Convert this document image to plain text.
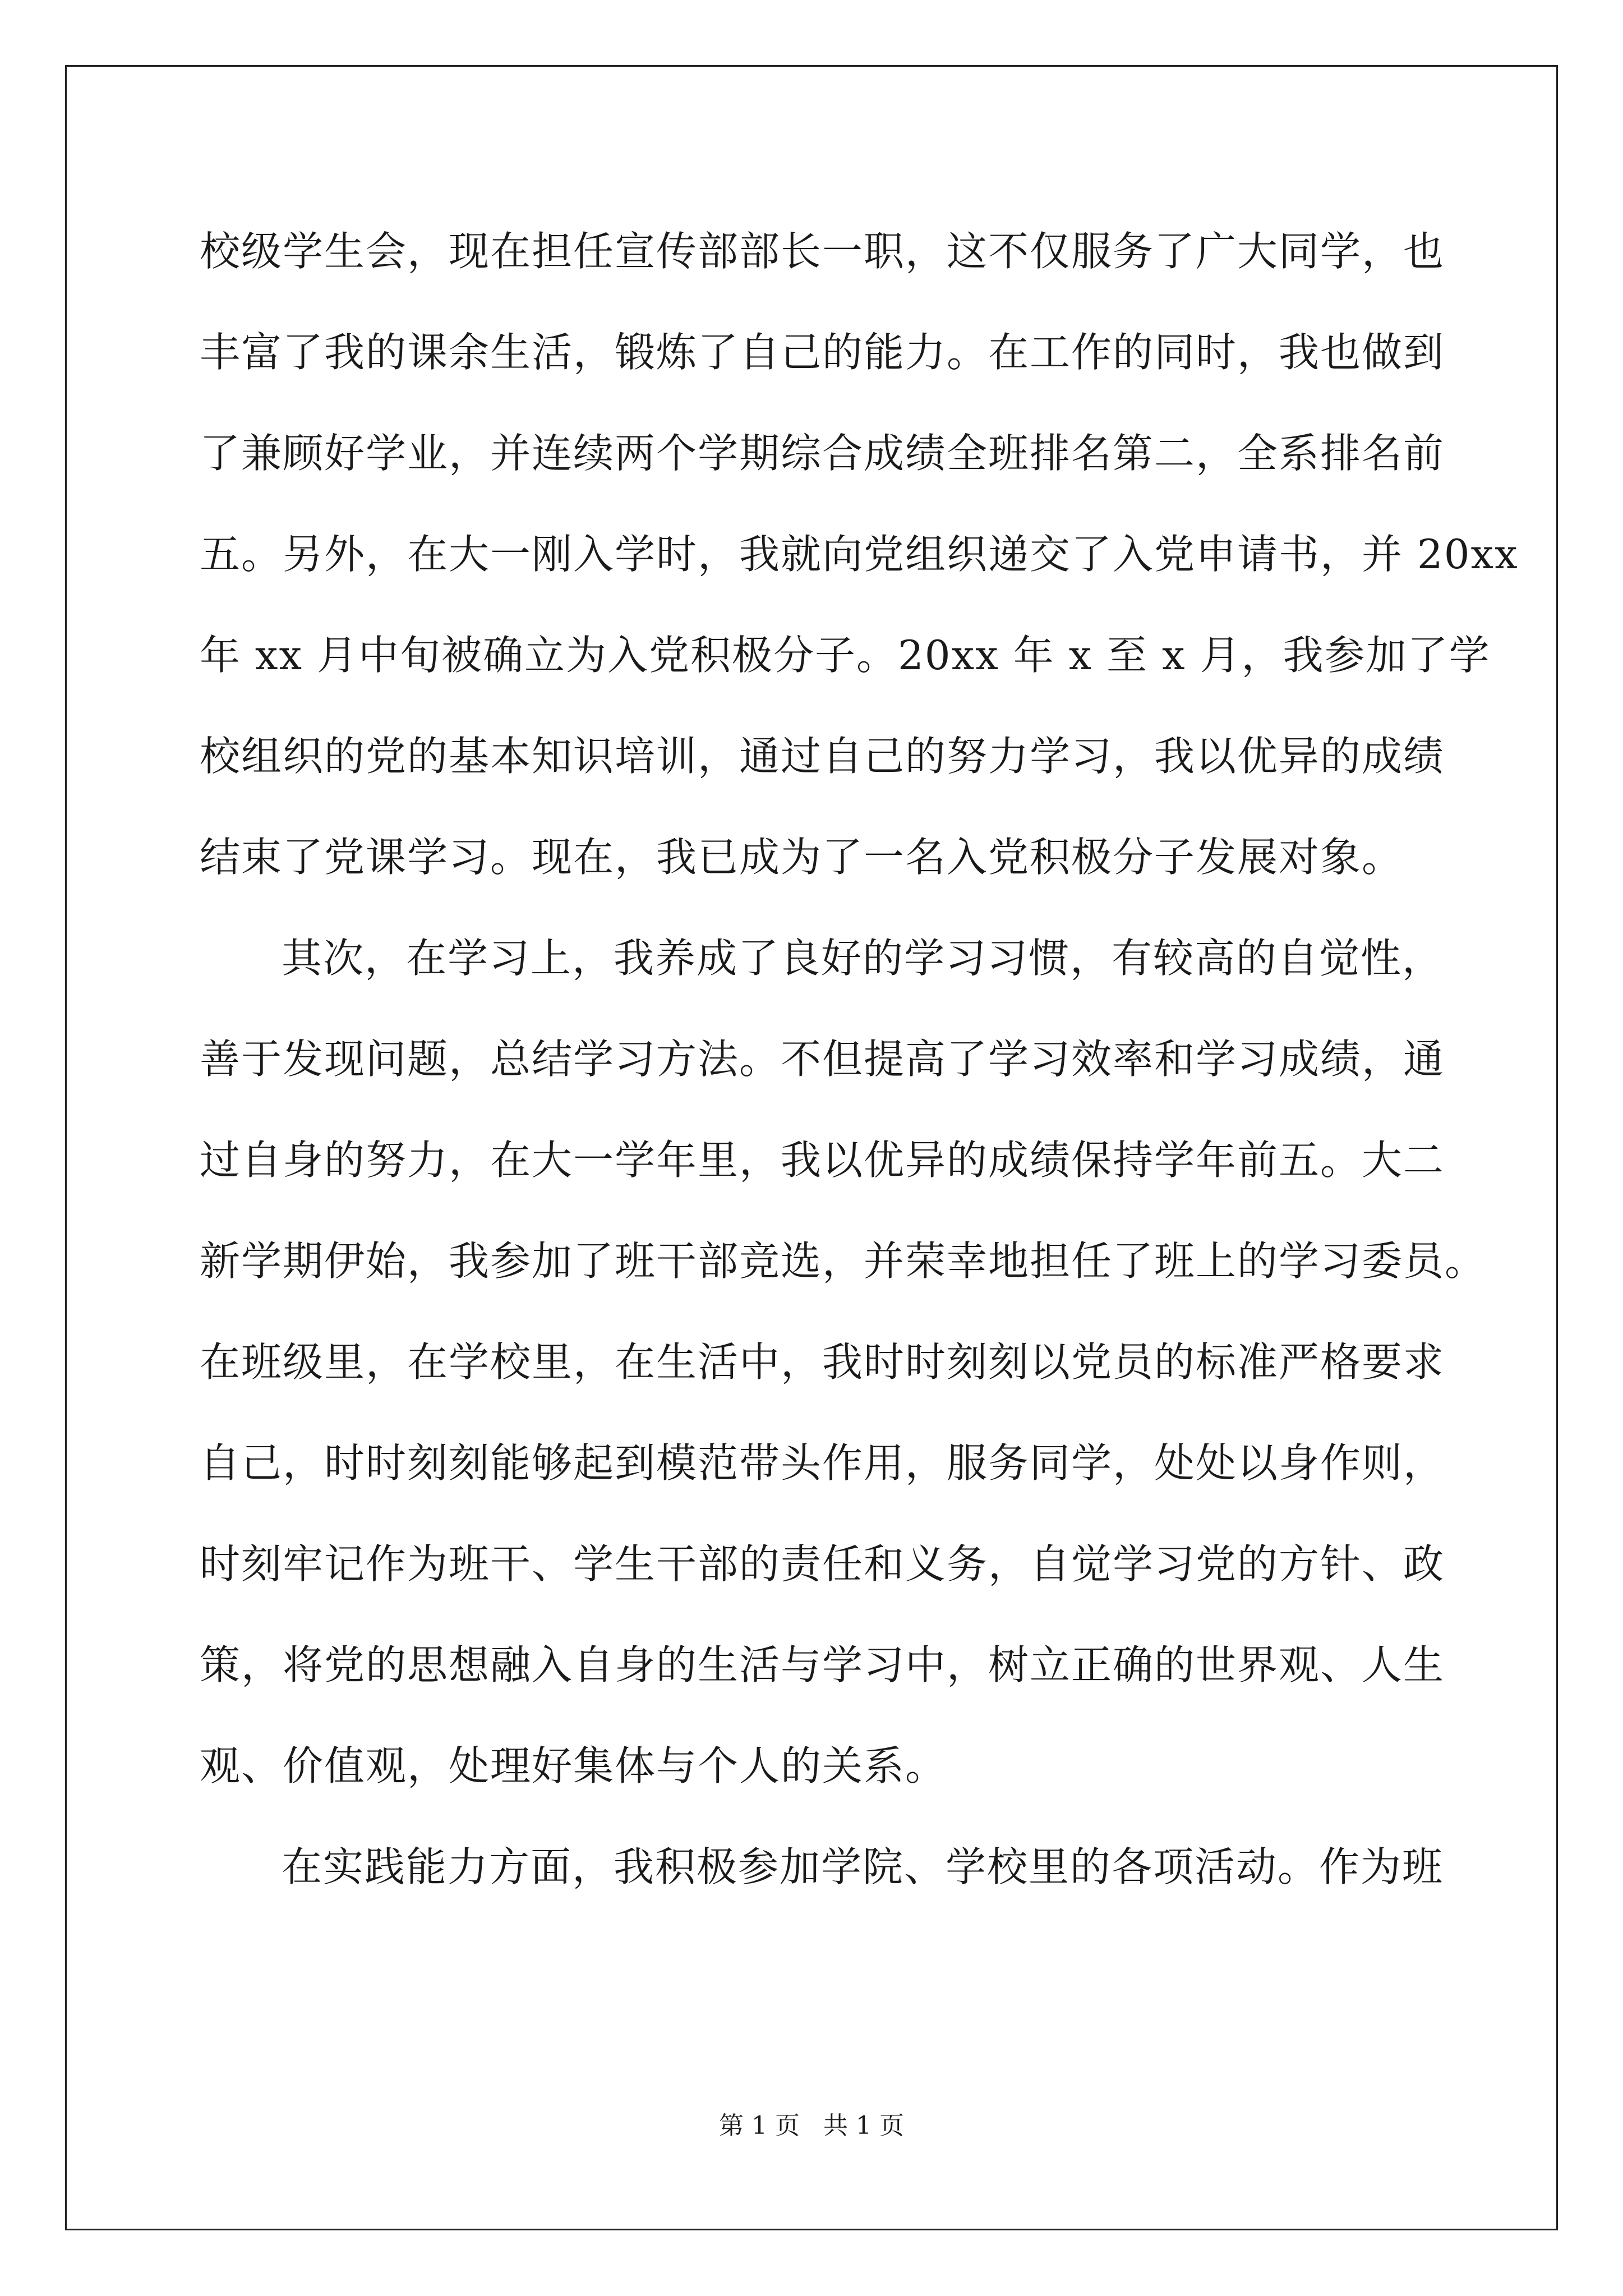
校级学生会，现在担任宣传部部长一职，这不仅服务了广大同学，也
丰富了我的课余生活，锻炼了自己的能力。在工作的同时，我也做到
了兼顾好学业，并连续两个学期综合成绩全班排名第二，全系排名前
五。另外，在大一刚入学时，我就向党组织递交了入党申请书，并 20xx
年 xx 月中旬被确立为入党积极分子。20xx 年 x 至 x 月，我参加了学
校组织的党的基本知识培训，通过自己的努力学习，我以优异的成绩
结束了党课学习。现在，我已成为了一名入党积极分子发展对象。
其次，在学习上，我养成了良好的学习习惯，有较高的自觉性，
善于发现问题，总结学习方法。不但提高了学习效率和学习成绩，通
过自身的努力，在大一学年里，我以优异的成绩保持学年前五。大二
新学期伊始，我参加了班干部竞选，并荣幸地担任了班上的学习委员。
在班级里，在学校里，在生活中，我时时刻刻以党员的标准严格要求
自己，时时刻刻能够起到模范带头作用，服务同学，处处以身作则，
时刻牢记作为班干、学生干部的责任和义务，自觉学习党的方针、政
策，将党的思想融入自身的生活与学习中，树立正确的世界观、人生
观、价值观，处理好集体与个人的关系。
在实践能力方面，我积极参加学院、学校里的各项活动。作为班
第 1 页 共 1 页
